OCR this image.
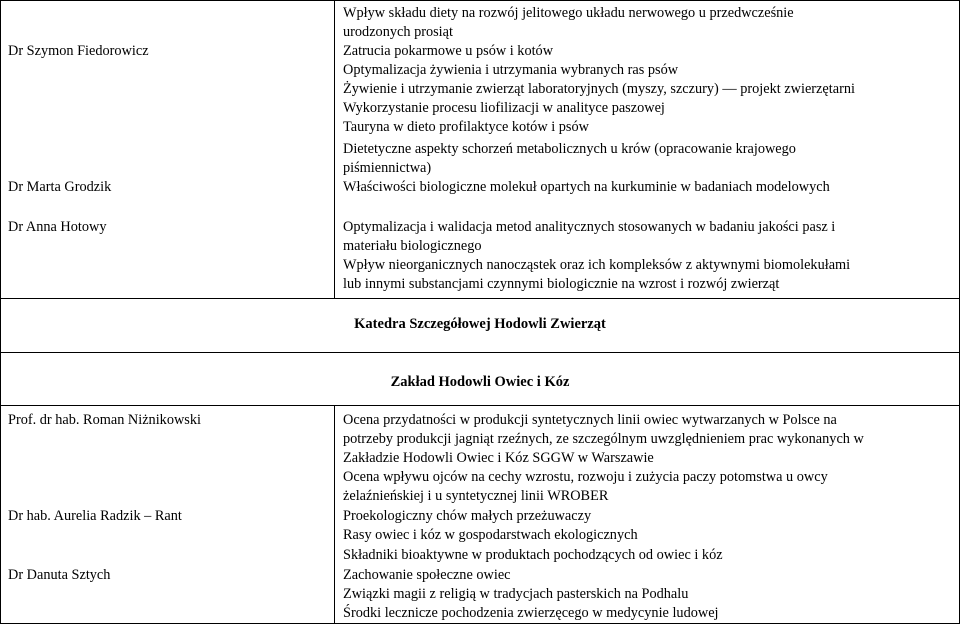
Dr Szymon Fiedorowicz
Dr Marta Grodzik
Dr Anna Hotowy
Wpływ składu diety na rozwój jelitowego układu nerwowego u przedwcześnie
urodzonych prosiąt
Zatrucia pokarmowe u psów i kotów
Optymalizacja żywienia i utrzymania wybranych ras psów
Żywienie i utrzymanie zwierząt laboratoryjnych (myszy, szczury) — projekt zwierzętarni
Wykorzystanie procesu liofilizacji w analityce paszowej
Tauryna w dieto profilaktyce kotów i psów
Dietetyczne aspekty schorzeń metabolicznych u krów (opracowanie krajowego
piśmiennictwa)
Właściwości biologiczne molekuł opartych na kurkuminie w badaniach modelowych
Optymalizacja i walidacja metod analitycznych stosowanych w badaniu jakości pasz i
materiału biologicznego
Wpływ nieorganicznych nanocząstek oraz ich kompleksów z aktywnymi biomolekułami
lub innymi substancjami czynnymi biologicznie na wzrost i rozwój zwierząt
Katedra Szczegółowej Hodowli Zwierząt
Zakład Hodowli Owiec i Kóz
Prof. dr hab. Roman Niżnikowski
Dr hab. Aurelia Radzik – Rant
Dr Danuta Sztych
Ocena przydatności w produkcji syntetycznych linii owiec wytwarzanych w Polsce na
potrzeby produkcji jagniąt rzeźnych, ze szczególnym uwzględnieniem prac wykonanych w
Zakładzie Hodowli Owiec i Kóz SGGW w Warszawie
Ocena wpływu ojców na cechy wzrostu, rozwoju i zużycia paczy potomstwa u owcy
żelaźnieńskiej i u syntetycznej linii WROBER
Proekologiczny chów małych przeżuwaczy
Rasy owiec i kóz w gospodarstwach ekologicznych
Składniki bioaktywne w produktach pochodzących od owiec i kóz
Zachowanie społeczne owiec
Związki magii z religią w tradycjach pasterskich na Podhalu
Środki lecznicze pochodzenia zwierzęcego w medycynie ludowej
